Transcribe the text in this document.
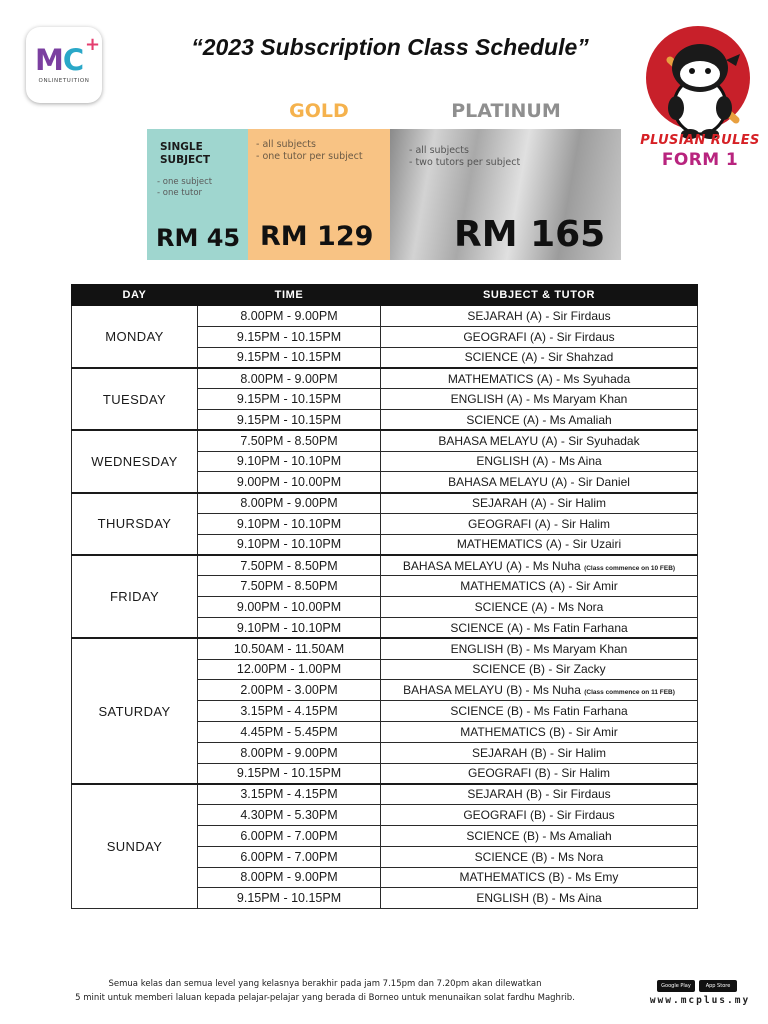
MC +
ONLINETUITION
“2023 Subscription Class Schedule”
PLUSIAN RULES
FORM 1
GOLD	PLATINUM
SINGLE SUBJECT
- one subject
- one tutor
RM 45
- all subjects
- one tutor per subject
RM 129
- all subjects
- two tutors per subject
RM 165
DAY	TIME	SUBJECT & TUTOR
MONDAY	8.00PM - 9.00PM	SEJARAH (A) - Sir Firdaus
	9.15PM - 10.15PM	GEOGRAFI (A) - Sir Firdaus
	9.15PM - 10.15PM	SCIENCE (A) - Sir Shahzad
TUESDAY	8.00PM - 9.00PM	MATHEMATICS (A) - Ms Syuhada
	9.15PM - 10.15PM	ENGLISH (A) - Ms Maryam Khan
	9.15PM - 10.15PM	SCIENCE (A) - Ms Amaliah
WEDNESDAY	7.50PM - 8.50PM	BAHASA MELAYU (A) - Sir Syuhadak
	9.10PM - 10.10PM	ENGLISH (A) - Ms Aina
	9.00PM - 10.00PM	BAHASA MELAYU (A) - Sir Daniel
THURSDAY	8.00PM - 9.00PM	SEJARAH (A) - Sir Halim
	9.10PM - 10.10PM	GEOGRAFI (A) - Sir Halim
	9.10PM - 10.10PM	MATHEMATICS (A) - Sir Uzairi
FRIDAY	7.50PM - 8.50PM	BAHASA MELAYU (A) - Ms Nuha (Class commence on 10 FEB)
	7.50PM - 8.50PM	MATHEMATICS (A) - Sir Amir
	9.00PM - 10.00PM	SCIENCE (A) - Ms Nora
	9.10PM - 10.10PM	SCIENCE (A) - Ms Fatin Farhana
SATURDAY	10.50AM - 11.50AM	ENGLISH (B) - Ms Maryam Khan
	12.00PM - 1.00PM	SCIENCE (B) - Sir Zacky
	2.00PM - 3.00PM	BAHASA MELAYU (B) - Ms Nuha (Class commence on 11 FEB)
	3.15PM - 4.15PM	SCIENCE (B) - Ms Fatin Farhana
	4.45PM - 5.45PM	MATHEMATICS (B) - Sir Amir
	8.00PM - 9.00PM	SEJARAH (B) - Sir Halim
	9.15PM - 10.15PM	GEOGRAFI (B) - Sir Halim
SUNDAY	3.15PM - 4.15PM	SEJARAH (B) - Sir Firdaus
	4.30PM - 5.30PM	GEOGRAFI (B) - Sir Firdaus
	6.00PM - 7.00PM	SCIENCE (B) - Ms Amaliah
	6.00PM - 7.00PM	SCIENCE (B) - Ms Nora
	8.00PM - 9.00PM	MATHEMATICS (B) - Ms Emy
	9.15PM - 10.15PM	ENGLISH (B) - Ms Aina
Semua kelas dan semua level yang kelasnya berakhir pada jam 7.15pm dan 7.20pm akan dilewatkan
5 minit untuk memberi laluan kepada pelajar-pelajar yang berada di Borneo untuk menunaikan solat fardhu Maghrib.
Google Play	App Store
www.mcplus.my
